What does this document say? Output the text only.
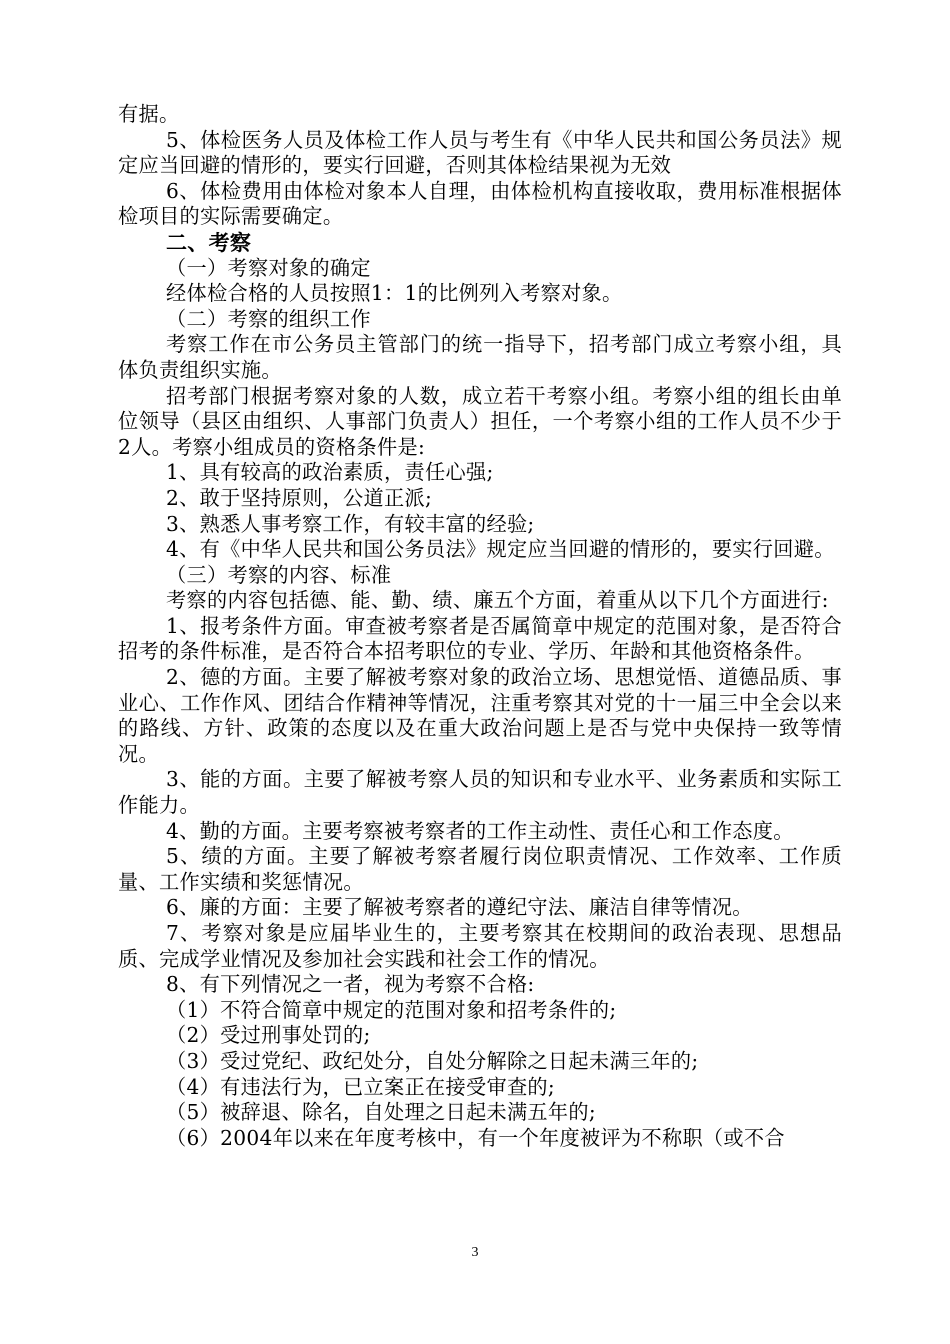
有据。

5、体检医务人员及体检工作人员与考生有《中华人民共和国公务员法》规定应当回避的情形的，要实行回避，否则其体检结果视为无效

6、体检费用由体检对象本人自理，由体检机构直接收取，费用标准根据体检项目的实际需要确定。

二、考察

（一）考察对象的确定

经体检合格的人员按照1：1的比例列入考察对象。

（二）考察的组织工作

考察工作在市公务员主管部门的统一指导下，招考部门成立考察小组，具体负责组织实施。

招考部门根据考察对象的人数，成立若干考察小组。考察小组的组长由单位领导（县区由组织、人事部门负责人）担任，一个考察小组的工作人员不少于2人。考察小组成员的资格条件是:

1、具有较高的政治素质，责任心强;

2、敢于坚持原则，公道正派;

3、熟悉人事考察工作，有较丰富的经验;

4、有《中华人民共和国公务员法》规定应当回避的情形的，要实行回避。

（三）考察的内容、标准

考察的内容包括德、能、勤、绩、廉五个方面，着重从以下几个方面进行:

1、报考条件方面。审查被考察者是否属简章中规定的范围对象，是否符合招考的条件标准，是否符合本招考职位的专业、学历、年龄和其他资格条件。

2、德的方面。主要了解被考察对象的政治立场、思想觉悟、道德品质、事业心、工作作风、团结合作精神等情况，注重考察其对党的十一届三中全会以来的路线、方针、政策的态度以及在重大政治问题上是否与党中央保持一致等情况。

3、能的方面。主要了解被考察人员的知识和专业水平、业务素质和实际工作能力。

4、勤的方面。主要考察被考察者的工作主动性、责任心和工作态度。

5、绩的方面。主要了解被考察者履行岗位职责情况、工作效率、工作质量、工作实绩和奖惩情况。

6、廉的方面：主要了解被考察者的遵纪守法、廉洁自律等情况。

7、考察对象是应届毕业生的，主要考察其在校期间的政治表现、思想品质、完成学业情况及参加社会实践和社会工作的情况。

8、有下列情况之一者，视为考察不合格:

（1）不符合简章中规定的范围对象和招考条件的;

（2）受过刑事处罚的;

（3）受过党纪、政纪处分，自处分解除之日起未满三年的;

（4）有违法行为，已立案正在接受审查的;

（5）被辞退、除名，自处理之日起未满五年的;

（6）2004年以来在年度考核中，有一个年度被评为不称职（或不合

3
